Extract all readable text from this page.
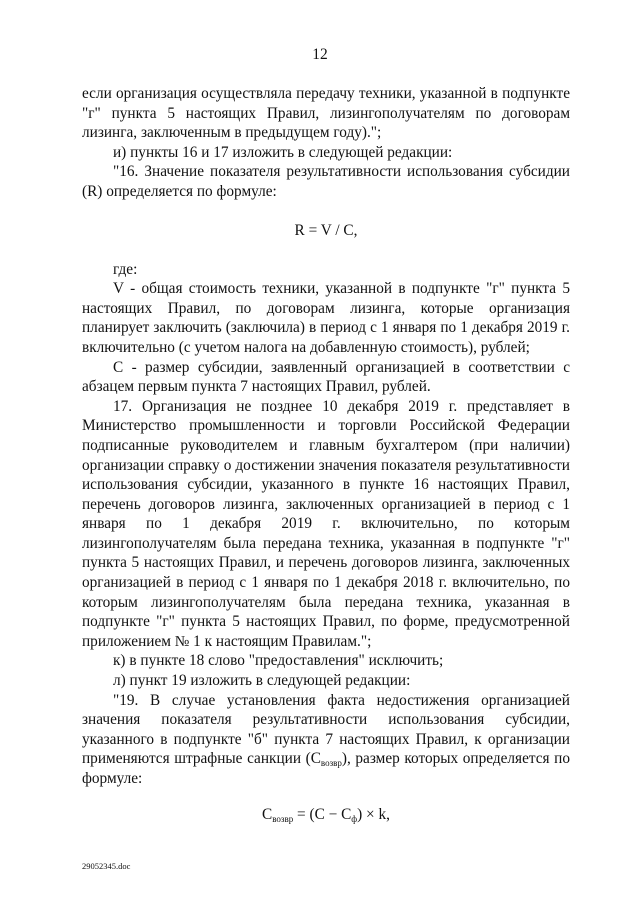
12

если организация осуществляла передачу техники, указанной в подпункте "г" пункта 5 настоящих Правил, лизингополучателям по договорам лизинга, заключенным в предыдущем году).";

и) пункты 16 и 17 изложить в следующей редакции:

"16. Значение показателя результативности использования субсидии (R) определяется по формуле:

R = V / C,

где:

V - общая стоимость техники, указанной в подпункте "г" пункта 5 настоящих Правил, по договорам лизинга, которые организация планирует заключить (заключила) в период с 1 января по 1 декабря 2019 г. включительно (с учетом налога на добавленную стоимость), рублей;

С - размер субсидии, заявленный организацией в соответствии с абзацем первым пункта 7 настоящих Правил, рублей.

17. Организация не позднее 10 декабря 2019 г. представляет в Министерство промышленности и торговли Российской Федерации подписанные руководителем и главным бухгалтером (при наличии) организации справку о достижении значения показателя результативности использования субсидии, указанного в пункте 16 настоящих Правил, перечень договоров лизинга, заключенных организацией в период с 1 января по 1 декабря 2019 г. включительно, по которым лизингополучателям была передана техника, указанная в подпункте "г" пункта 5 настоящих Правил, и перечень договоров лизинга, заключенных организацией в период с 1 января по 1 декабря 2018 г. включительно, по которым лизингополучателям была передана техника, указанная в подпункте "г" пункта 5 настоящих Правил, по форме, предусмотренной приложением № 1 к настоящим Правилам.";

к) в пункте 18 слово "предоставления" исключить;

л) пункт 19 изложить в следующей редакции:

"19. В случае установления факта недостижения организацией значения показателя результативности использования субсидии, указанного в подпункте "б" пункта 7 настоящих Правил, к организации применяются штрафные санкции $(С_{возвр})$, размер которых определяется по формуле:

$С_{возвр} = (С - С_ф) \times k$,
29052345.doc
